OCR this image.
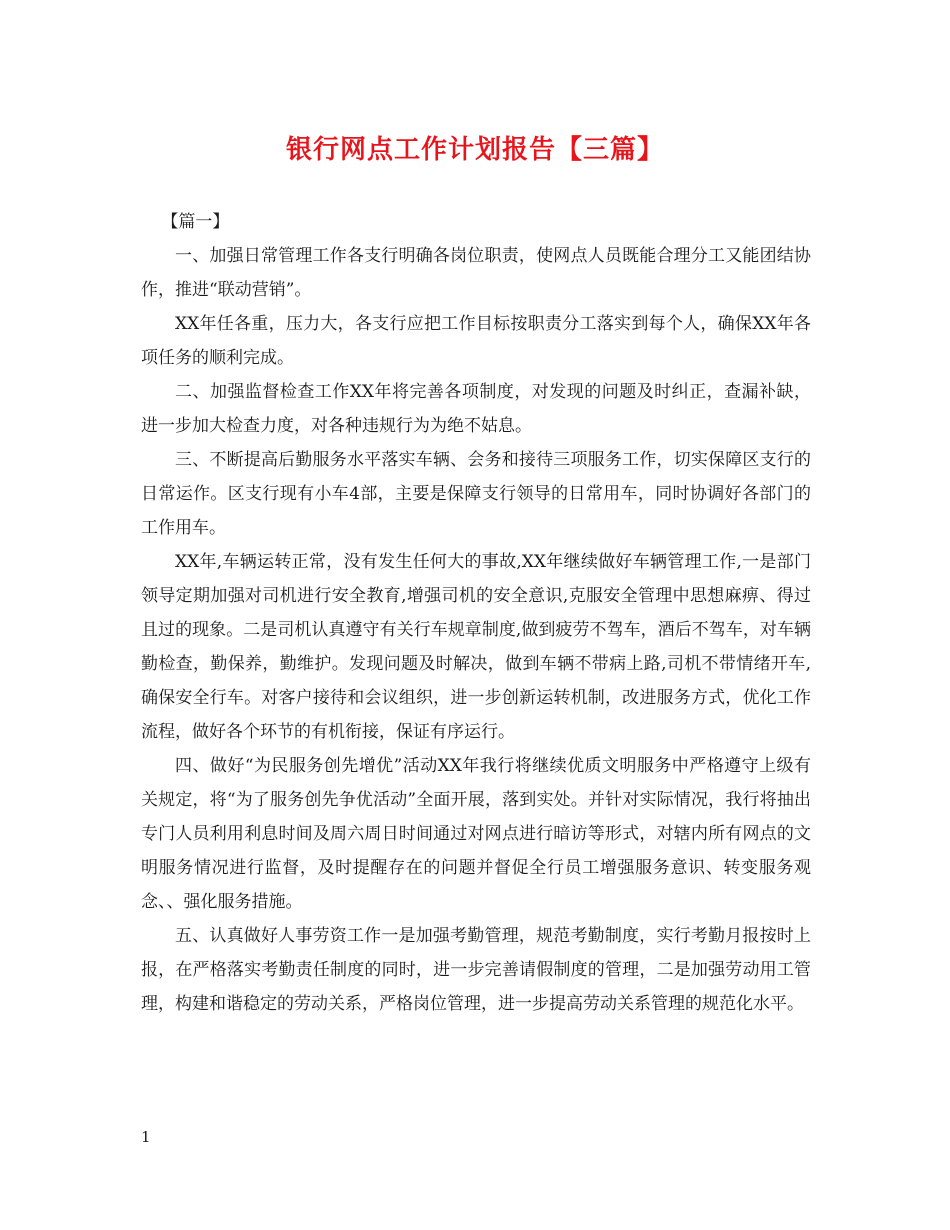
银行网点工作计划报告【三篇】

【篇一】

一、加强日常管理工作各支行明确各岗位职责，使网点人员既能合理分工又能团结协作，推进“联动营销”。

XX年任各重，压力大，各支行应把工作目标按职责分工落实到每个人，确保XX年各项任务的顺利完成。

二、加强监督检查工作XX年将完善各项制度，对发现的问题及时纠正，查漏补缺，进一步加大检查力度，对各种违规行为为绝不姑息。

三、不断提高后勤服务水平落实车辆、会务和接待三项服务工作，切实保障区支行的日常运作。区支行现有小车4部，主要是保障支行领导的日常用车，同时协调好各部门的工作用车。

XX年,车辆运转正常，没有发生任何大的事故,XX年继续做好车辆管理工作,一是部门领导定期加强对司机进行安全教育,增强司机的安全意识,克服安全管理中思想麻痹、得过且过的现象。二是司机认真遵守有关行车规章制度,做到疲劳不驾车，酒后不驾车，对车辆勤检查，勤保养，勤维护。发现问题及时解决，做到车辆不带病上路,司机不带情绪开车,确保安全行车。对客户接待和会议组织，进一步创新运转机制，改进服务方式，优化工作流程，做好各个环节的有机衔接，保证有序运行。

四、做好“为民服务创先增优”活动XX年我行将继续优质文明服务中严格遵守上级有关规定，将“为了服务创先争优活动”全面开展，落到实处。并针对实际情况，我行将抽出专门人员利用利息时间及周六周日时间通过对网点进行暗访等形式，对辖内所有网点的文明服务情况进行监督，及时提醒存在的问题并督促全行员工增强服务意识、转变服务观念、、强化服务措施。

五、认真做好人事劳资工作一是加强考勤管理，规范考勤制度，实行考勤月报按时上报，在严格落实考勤责任制度的同时，进一步完善请假制度的管理，二是加强劳动用工管理，构建和谐稳定的劳动关系，严格岗位管理，进一步提高劳动关系管理的规范化水平。

1
